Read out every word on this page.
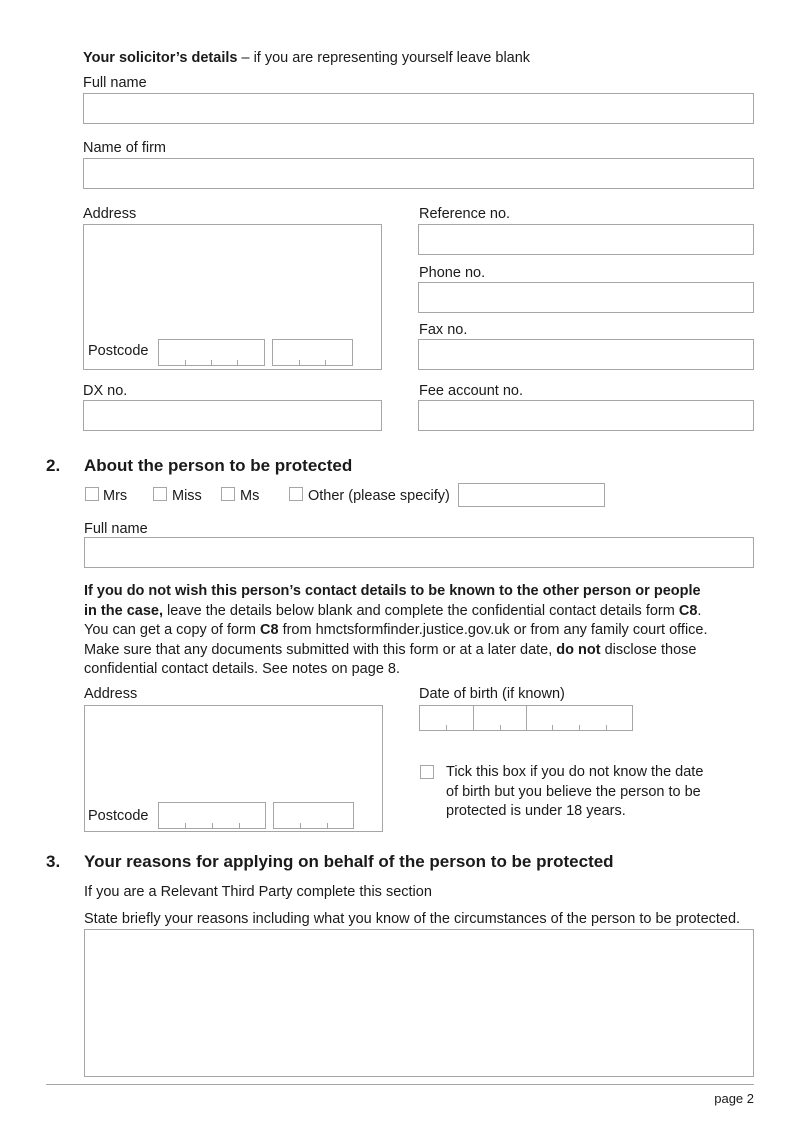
Your solicitor’s details – if you are representing yourself leave blank
Full name
Name of firm
Address
Postcode
Reference no.
Phone no.
Fax no.
DX no.	Fee account no.
2. About the person to be protected
Mrs	Miss	Ms	Other (please specify)
Full name
If you do not wish this person’s contact details to be known to the other person or people
in the case, leave the details below blank and complete the confidential contact details form C8.
You can get a copy of form C8 from hmctsformfinder.justice.gov.uk or from any family court office.
Make sure that any documents submitted with this form or at a later date, do not disclose those
confidential contact details. See notes on page 8.
Address
Postcode
Date of birth (if known)
Tick this box if you do not know the date
of birth but you believe the person to be
protected is under 18 years.
3. Your reasons for applying on behalf of the person to be protected
If you are a Relevant Third Party complete this section
State briefly your reasons including what you know of the circumstances of the person to be protected.
page 2
